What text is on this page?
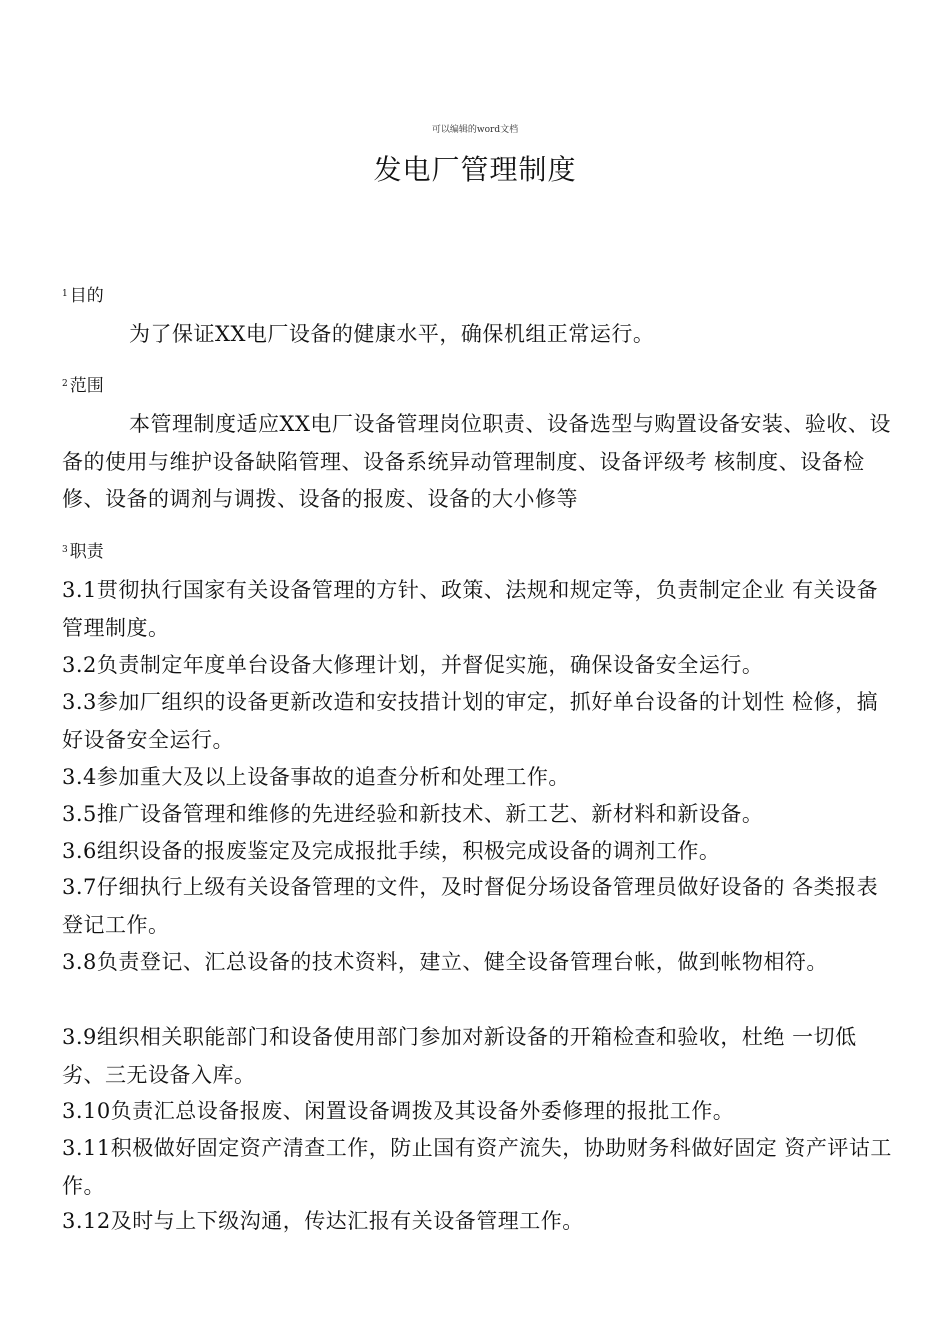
可以编辑的word文档
发电厂管理制度
$^1$ 目的
为了保证XX电厂设备的健康水平，确保机组正常运行。
$^2$ 范围
本管理制度适应XX电厂设备管理岗位职责、设备选型与购置设备安装、验收、设备的使用与维护设备缺陷管理、设备系统异动管理制度、设备评级考 核制度、设备检修、设备的调剂与调拨、设备的报废、设备的大小修等
$^3$ 职责
3.1贯彻执行国家有关设备管理的方针、政策、法规和规定等，负责制定企业 有关设备管理制度。
3.2负责制定年度单台设备大修理计划，并督促实施，确保设备安全运行。
3.3参加厂组织的设备更新改造和安技措计划的审定，抓好单台设备的计划性 检修，搞好设备安全运行。
3.4参加重大及以上设备事故的追查分析和处理工作。
3.5推广设备管理和维修的先进经验和新技术、新工艺、新材料和新设备。
3.6组织设备的报废鉴定及完成报批手续，积极完成设备的调剂工作。
3.7仔细执行上级有关设备管理的文件，及时督促分场设备管理员做好设备的 各类报表登记工作。
3.8负责登记、汇总设备的技术资料，建立、健全设备管理台帐，做到帐物相符。
3.9组织相关职能部门和设备使用部门参加对新设备的开箱检查和验收，杜绝 一切低劣、三无设备入库。
3.10负责汇总设备报废、闲置设备调拨及其设备外委修理的报批工作。
3.11积极做好固定资产清查工作，防止国有资产流失，协助财务科做好固定 资产评诂工作。
3.12及时与上下级沟通，传达汇报有关设备管理工作。
